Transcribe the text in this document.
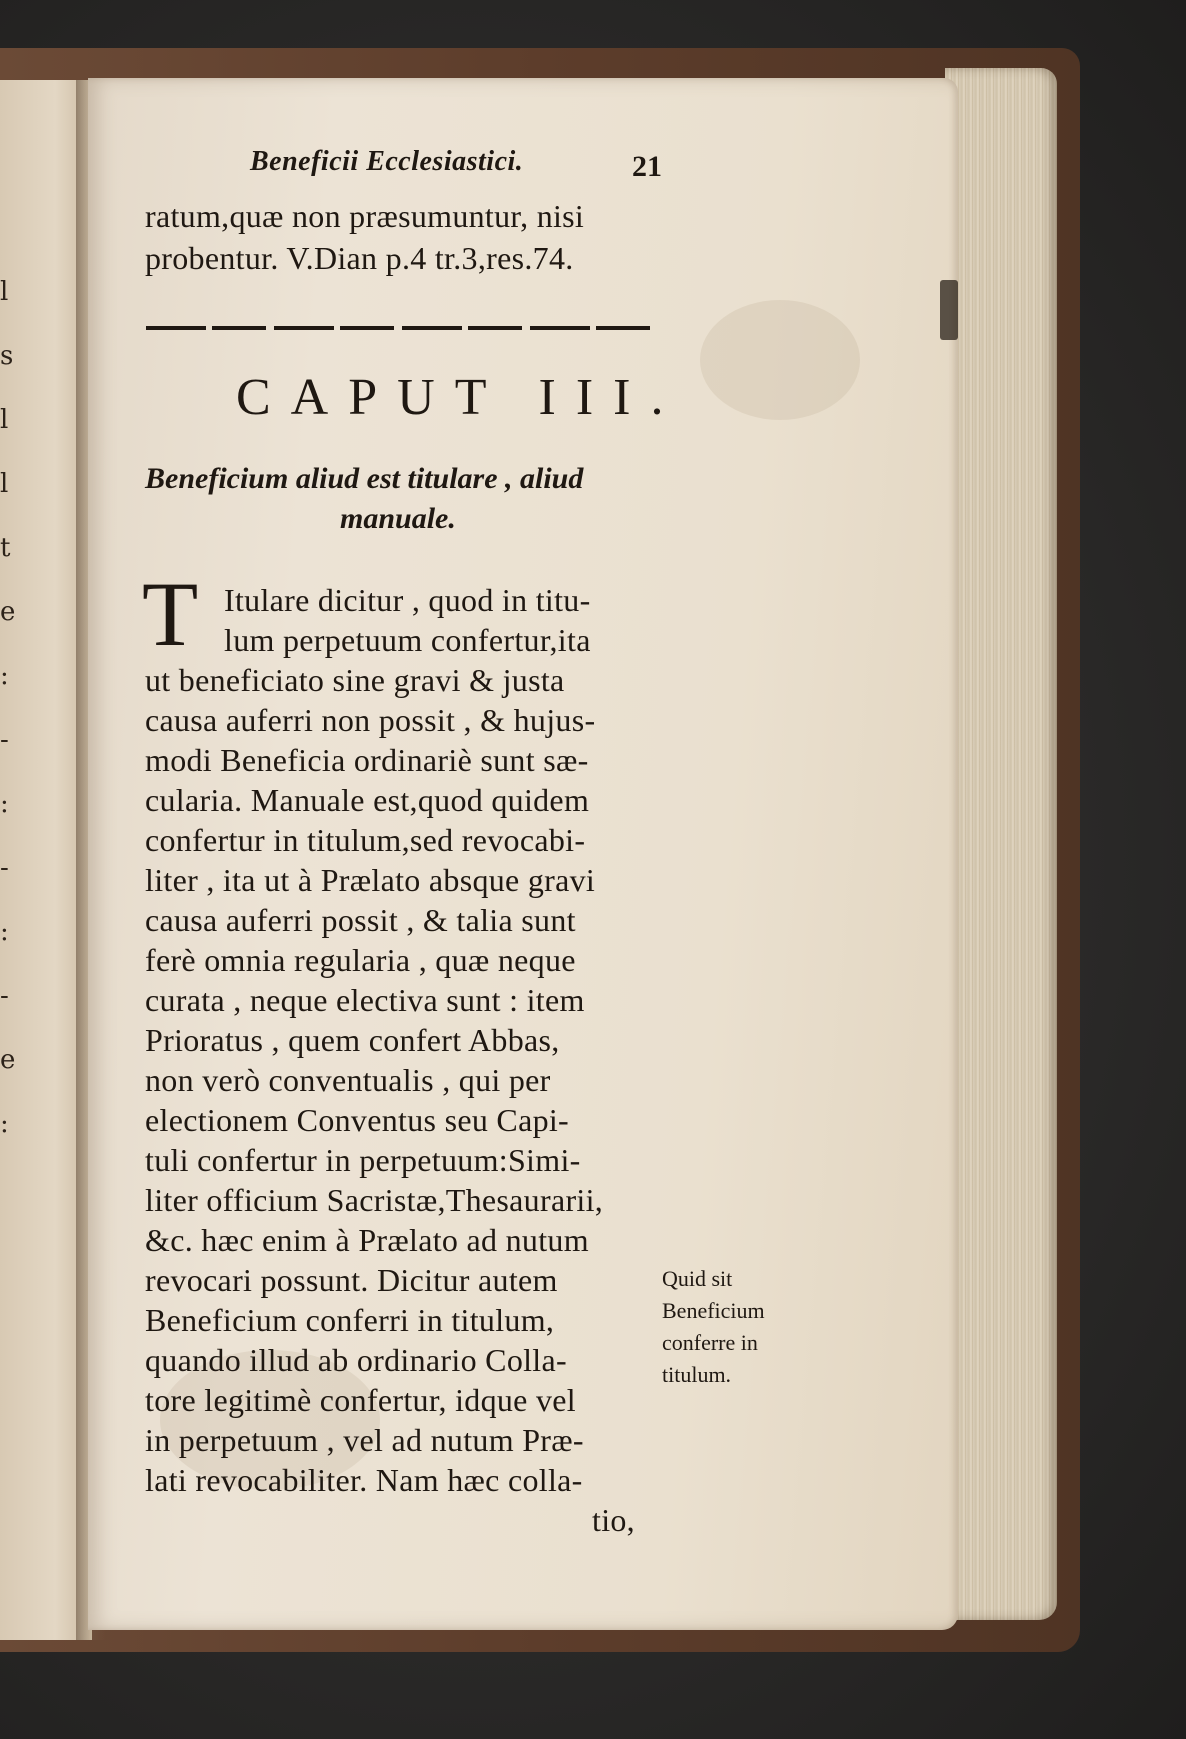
l
s
l
l
t
e
:
-
:
-
:
-
e
:
Beneficii Ecclesiastici.	21
ratum,quæ non præsumuntur, nisi
probentur. V.Dian p.4 tr.3,res.74.
CAPUT III.
Beneficium aliud est titulare , aliud
manuale.
T Itulare dicitur , quod in titu-
lum perpetuum confertur,ita
ut beneficiato sine gravi & justa
causa auferri non possit , & hujus-
modi Beneficia ordinariè sunt sæ-
cularia. Manuale est,quod quidem
confertur in titulum,sed revocabi-
liter , ita ut à Prælato absque gravi
causa auferri possit , & talia sunt
ferè omnia regularia , quæ neque
curata , neque electiva sunt : item
Prioratus , quem confert Abbas,
non verò conventualis , qui per
electionem Conventus seu Capi-
tuli confertur in perpetuum:Simi-
liter officium Sacristæ,Thesaurarii,
&c. hæc enim à Prælato ad nutum
revocari possunt. Dicitur autem
Beneficium conferri in titulum,
quando illud ab ordinario Colla-
tore legitimè confertur, idque vel
in perpetuum , vel ad nutum Præ-
lati revocabiliter. Nam hæc colla-
tio,
Quid sit
Beneficium
conferre in
titulum.
